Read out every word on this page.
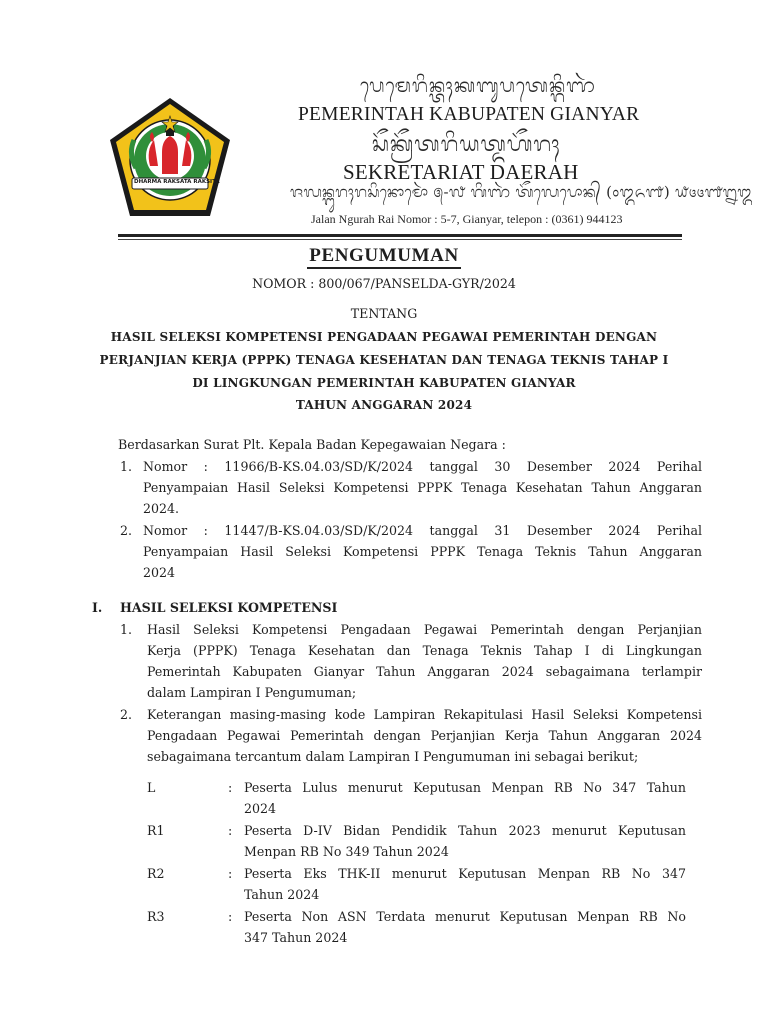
DHARMA RAKSATA RAKSITA
ᬧᬾᬫᬾᬭᬶᬦ᭄ᬢᬄᬓᬩᬸᬧᬢᬾᬦ᭄ᬕᬶᬜᬃ
PEMERINTAH KABUPATEN GIANYAR
ᬲᭂᬓ᭄ᬭᭂᬢᬭᬶᬬᬢ᭄ᬤᬳᭂᬭᬄ
SEKRETARIAT DAERAH
ᬚᬮᬦ᭄ᬗᬸᬭᬄᬭᬲᬶᬦᭀᬫᭀᬃ ᭕-᭗ ᬕᬶᬜᬃ ᬢᭂᬮᬾᬧᭀᬦ᭄ (᭐᭓᭖᭑) ᭙᭔᭔᭑᭒᭓
Jalan Ngurah Rai Nomor : 5-7, Gianyar, telepon : (0361) 944123
PENGUMUMAN
NOMOR : 800/067/PANSELDA-GYR/2024
TENTANG
HASIL SELEKSI KOMPETENSI PENGADAAN PEGAWAI PEMERINTAH DENGAN
PERJANJIAN KERJA (PPPK) TENAGA KESEHATAN DAN TENAGA TEKNIS TAHAP I
DI LINGKUNGAN PEMERINTAH KABUPATEN GIANYAR
TAHUN ANGGARAN 2024
Berdasarkan Surat Plt. Kepala Badan Kepegawaian Negara :
1. Nomor : 11966/B-KS.04.03/SD/K/2024 tanggal 30 Desember 2024 Perihal
Penyampaian Hasil Seleksi Kompetensi PPPK Tenaga Kesehatan Tahun Anggaran
2024.
2. Nomor : 11447/B-KS.04.03/SD/K/2024 tanggal 31 Desember 2024 Perihal
Penyampaian Hasil Seleksi Kompetensi PPPK Tenaga Teknis Tahun Anggaran
2024
I. HASIL SELEKSI KOMPETENSI
1. Hasil Seleksi Kompetensi Pengadaan Pegawai Pemerintah dengan Perjanjian
Kerja (PPPK) Tenaga Kesehatan dan Tenaga Teknis Tahap I di Lingkungan
Pemerintah Kabupaten Gianyar Tahun Anggaran 2024 sebagaimana terlampir
dalam Lampiran I Pengumuman;
2. Keterangan masing-masing kode Lampiran Rekapitulasi Hasil Seleksi Kompetensi
Pengadaan Pegawai Pemerintah dengan Perjanjian Kerja Tahun Anggaran 2024
sebagaimana tercantum dalam Lampiran I Pengumuman ini sebagai berikut;
L	: Peserta Lulus menurut Keputusan Menpan RB No 347 Tahun
2024
R1	: Peserta D-IV Bidan Pendidik Tahun 2023 menurut Keputusan
Menpan RB No 349 Tahun 2024
R2	: Peserta Eks THK-II menurut Keputusan Menpan RB No 347
Tahun 2024
R3	: Peserta Non ASN Terdata menurut Keputusan Menpan RB No
347 Tahun 2024
